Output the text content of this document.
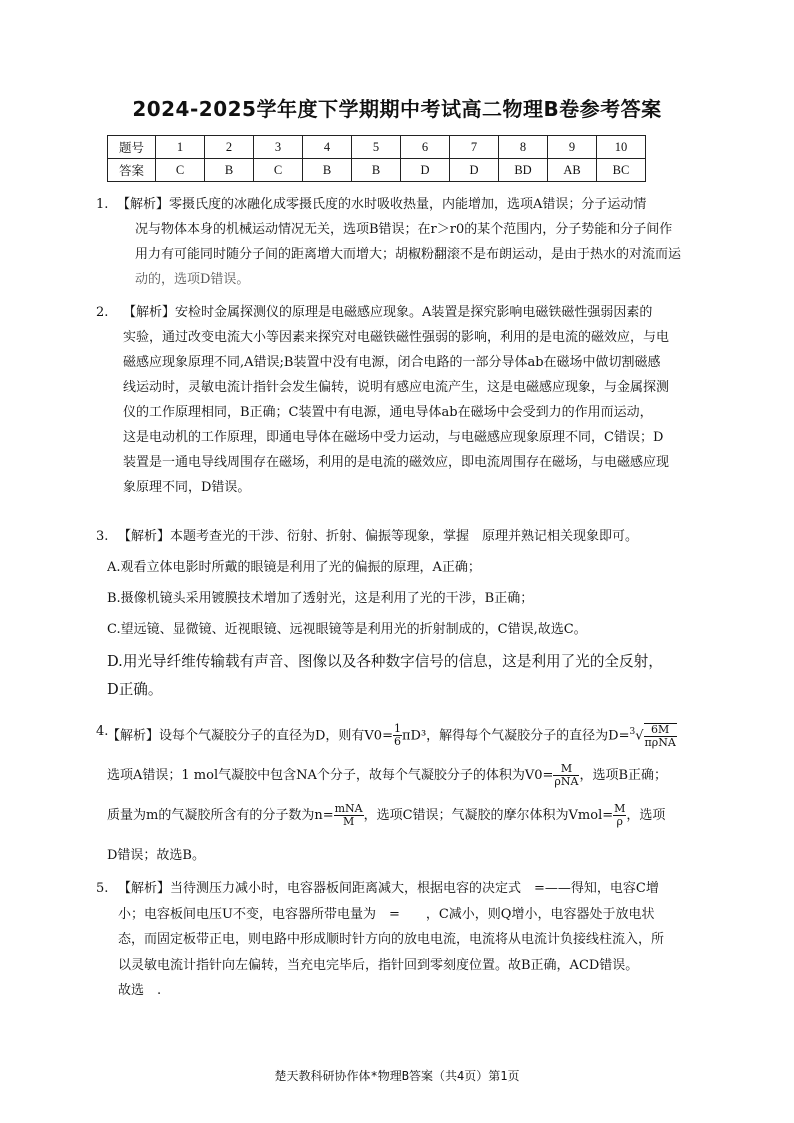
2024-2025学年度下学期期中考试高二物理B卷参考答案
题号	1	2	3	4	5	6	7	8	9	10
答案	C	B	C	B	B	D	D	BD	AB	BC
1. 【解析】零摄氏度的冰融化成零摄氏度的水时吸收热量，内能增加，选项A错误；分子运动情
况与物体本身的机械运动情况无关，选项B错误；在r＞r0的某个范围内，分子势能和分子间作
用力有可能同时随分子间的距离增大而增大；胡椒粉翻滚不是布朗运动，是由于热水的对流而运
动的，选项D错误。
2. 【解析】安检时金属探测仪的原理是电磁感应现象。A装置是探究影响电磁铁磁性强弱因素的
实验，通过改变电流大小等因素来探究对电磁铁磁性强弱的影响，利用的是电流的磁效应，与电
磁感应现象原理不同,A错误;B装置中没有电源，闭合电路的一部分导体ab在磁场中做切割磁感
线运动时，灵敏电流计指针会发生偏转，说明有感应电流产生，这是电磁感应现象，与金属探测
仪的工作原理相同，B正确；C装置中有电源，通电导体ab在磁场中会受到力的作用而运动，
这是电动机的工作原理，即通电导体在磁场中受力运动，与电磁感应现象原理不同，C错误；D
装置是一通电导线周围存在磁场，利用的是电流的磁效应，即电流周围存在磁场，与电磁感应现
象原理不同，D错误。
3. 【解析】本题考查光的干涉、衍射、折射、偏振等现象，掌握　原理并熟记相关现象即可。
A.观看立体电影时所戴的眼镜是利用了光的偏振的原理，A正确；
B.摄像机镜头采用镀膜技术增加了透射光，这是利用了光的干涉，B正确；
C.望远镜、显微镜、近视眼镜、远视眼镜等是利用光的折射制成的，C错误,故选C。
D.用光导纤维传输载有声音、图像以及各种数字信号的信息，这是利用了光的全反射，
D正确。
4.
【解析】设每个气凝胶分子的直径为D，则有$V0= \frac{1}{6} \pi D^3$，解得每个气凝胶分子的直径为$D=^3√ \frac{6M}{\text{πρNA}}$
选项A错误；1 mol气凝胶中包含NA个分子，故每个气凝胶分子的体积为$V0= \frac{M}{\text{ρNA}}$ ，选项B正确；
质量为m的气凝胶所含有的分子数为$n= \frac{\text{mNA}}{M}$ ，选项C错误；气凝胶的摩尔体积为Vmol= $\frac{M}{\rho}$ ，选项
D错误；故选B。
5. 【解析】当待测压力减小时，电容器板间距离减大，根据电容的决定式　=——得知，电容C增
小；电容板间电压U不变，电容器所带电量为　=　　，C减小，则Q增小，电容器处于放电状
态，而固定板带正电，则电路中形成顺时针方向的放电电流，电流将从电流计负接线柱流入，所
以灵敏电流计指针向左偏转，当充电完毕后，指针回到零刻度位置。故B正确，ACD错误。
故选　.
楚天教科研协作体*物理B答案（共4页）第1页
